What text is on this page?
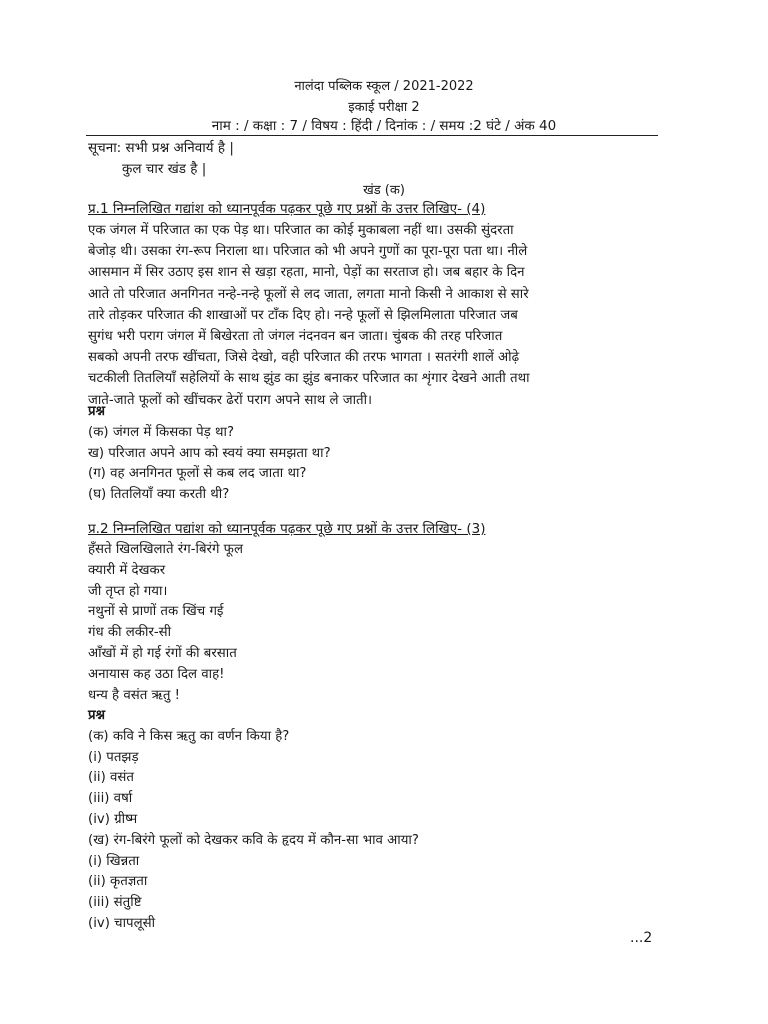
नालंदा पब्लिक स्कूल / 2021-2022
इकाई परीक्षा 2
नाम : / कक्षा : 7 / विषय : हिंदी / दिनांक : / समय :2 घंटे / अंक 40
सूचना: सभी प्रश्न अनिवार्य है |
कुल चार खंड है |
खंड (क)
प्र.1 निम्नलिखित गद्यांश को ध्यानपूर्वक पढ़कर पूछे गए प्रश्नों के उत्तर लिखिए- (4)
एक जंगल में परिजात का एक पेड़ था। परिजात का कोई मुकाबला नहीं था। उसकी सुंदरता
बेजोड़ थी। उसका रंग-रूप निराला था। परिजात को भी अपने गुणों का पूरा-पूरा पता था। नीले
आसमान में सिर उठाए इस शान से खड़ा रहता, मानो, पेड़ों का सरताज हो। जब बहार के दिन
आते तो परिजात अनगिनत नन्हे-नन्हे फूलों से लद जाता, लगता मानो किसी ने आकाश से सारे
तारे तोड़कर परिजात की शाखाओं पर टाँक दिए हो। नन्हे फूलों से झिलमिलाता परिजात जब
सुगंध भरी पराग जंगल में बिखेरता तो जंगल नंदनवन बन जाता। चुंबक की तरह परिजात
सबको अपनी तरफ खींचता, जिसे देखो, वही परिजात की तरफ भागता । सतरंगी शालें ओढ़े
चटकीली तितलियाँ सहेलियों के साथ झुंड का झुंड बनाकर परिजात का शृंगार देखने आती तथा
जाते-जाते फूलों को खींचकर ढेरों पराग अपने साथ ले जाती।
प्रश्न
(क) जंगल में किसका पेड़ था?
ख) परिजात अपने आप को स्वयं क्या समझता था?
(ग) वह अनगिनत फूलों से कब लद जाता था?
(घ) तितलियाँ क्या करती थी?
प्र.2 निम्नलिखित पद्यांश को ध्यानपूर्वक पढ़कर पूछे गए प्रश्नों के उत्तर लिखिए- (3)
हँसते खिलखिलाते रंग-बिरंगे फूल
क्यारी में देखकर
जी तृप्त हो गया।
नथुनों से प्राणों तक खिंच गई
गंध की लकीर-सी
आँखों में हो गई रंगों की बरसात
अनायास कह उठा दिल वाह!
धन्य है वसंत ऋतु !
प्रश्न
(क) कवि ने किस ऋतु का वर्णन किया है?
(i) पतझड़
(ii) वसंत
(iii) वर्षा
(iv) ग्रीष्म
(ख) रंग-बिरंगे फूलों को देखकर कवि के हृदय में कौन-सा भाव आया?
(i) खिन्नता
(ii) कृतज्ञता
(iii) संतुष्टि
(iv) चापलूसी
...2
